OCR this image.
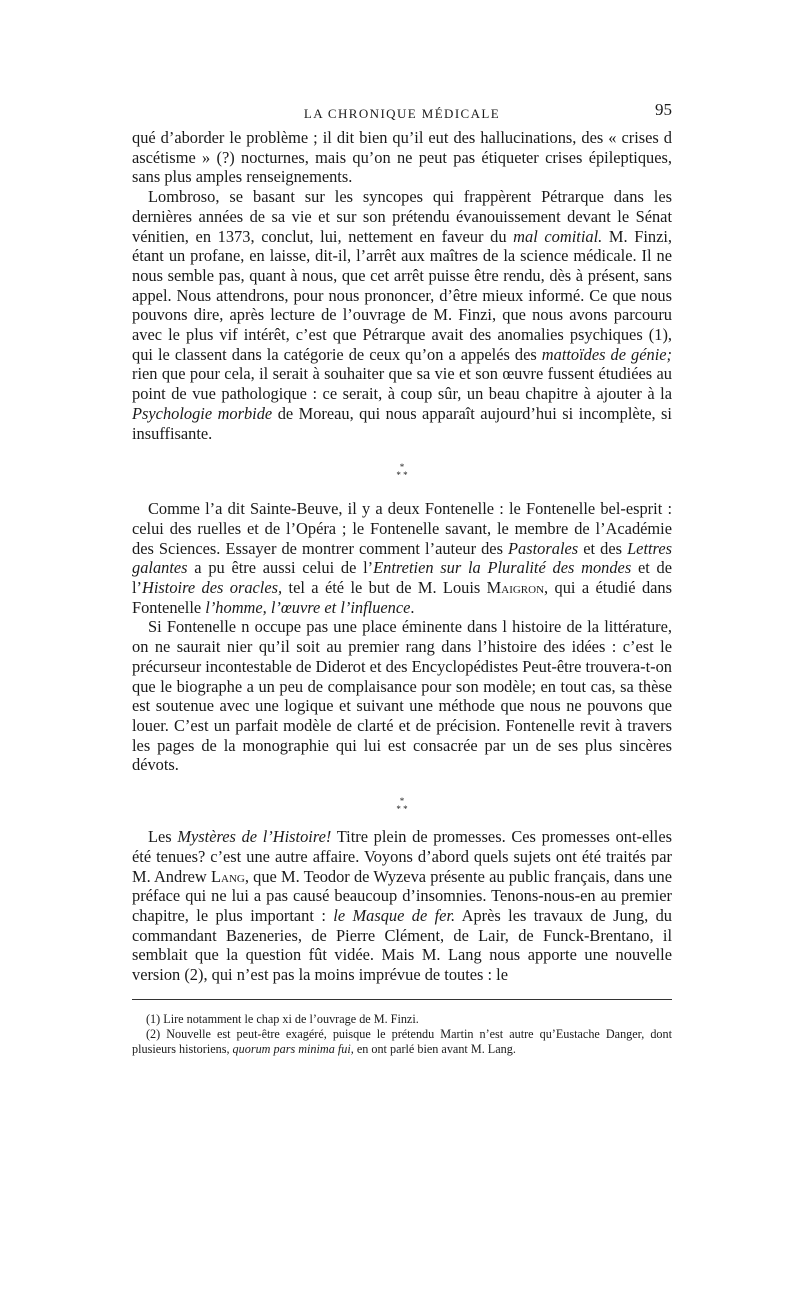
LA CHRONIQUE MÉDICALE	95

qué d’aborder le problème ; il dit bien qu’il eut des hallucinations, des « crises d ascétisme » (?) nocturnes, mais qu’on ne peut pas étiqueter crises épileptiques, sans plus amples renseignements.

Lombroso, se basant sur les syncopes qui frappèrent Pétrarque dans les dernières années de sa vie et sur son prétendu évanouissement devant le Sénat vénitien, en 1373, conclut, lui, nettement en faveur du mal comitial. M. Finzi, étant un profane, en laisse, dit-il, l’arrêt aux maîtres de la science médicale. Il ne nous semble pas, quant à nous, que cet arrêt puisse être rendu, dès à présent, sans appel. Nous attendrons, pour nous prononcer, d’être mieux informé. Ce que nous pouvons dire, après lecture de l’ouvrage de M. Finzi, que nous avons parcouru avec le plus vif intérêt, c’est que Pétrarque avait des anomalies psychiques (1), qui le classent dans la catégorie de ceux qu’on a appelés des mattoïdes de génie; rien que pour cela, il serait à souhaiter que sa vie et son œuvre fussent étudiées au point de vue pathologique : ce serait, à coup sûr, un beau chapitre à ajouter à la Psychologie morbide de Moreau, qui nous apparaît aujourd’hui si incomplète, si insuffisante.

*
* *

Comme l’a dit Sainte-Beuve, il y a deux Fontenelle : le Fontenelle bel-esprit : celui des ruelles et de l’Opéra ; le Fontenelle savant, le membre de l’Académie des Sciences. Essayer de montrer comment l’auteur des Pastorales et des Lettres galantes a pu être aussi celui de l’Entretien sur la Pluralité des mondes et de l’Histoire des oracles, tel a été le but de M. Louis Maigron, qui a étudié dans Fontenelle l’homme, l’œuvre et l’influence.

Si Fontenelle n occupe pas une place éminente dans l histoire de la littérature, on ne saurait nier qu’il soit au premier rang dans l’histoire des idées : c’est le précurseur incontestable de Diderot et des Encyclopédistes Peut-être trouvera-t-on que le biographe a un peu de complaisance pour son modèle; en tout cas, sa thèse est soutenue avec une logique et suivant une méthode que nous ne pouvons que louer. C’est un parfait modèle de clarté et de précision. Fontenelle revit à travers les pages de la monographie qui lui est consacrée par un de ses plus sincères dévots.

*
* *

Les Mystères de l’Histoire! Titre plein de promesses. Ces promesses ont-elles été tenues? c’est une autre affaire. Voyons d’abord quels sujets ont été traités par M. Andrew Lang, que M. Teodor de Wyzeva présente au public français, dans une préface qui ne lui a pas causé beaucoup d’insomnies. Tenons-nous-en au premier chapitre, le plus important : le Masque de fer. Après les travaux de Jung, du commandant Bazeneries, de Pierre Clément, de Lair, de Funck-Brentano, il semblait que la question fût vidée. Mais M. Lang nous apporte une nouvelle version (2), qui n’est pas la moins imprévue de toutes : le

(1) Lire notamment le chap xi de l’ouvrage de M. Finzi.

(2) Nouvelle est peut-être exagéré, puisque le prétendu Martin n’est autre qu’Eustache Danger, dont plusieurs historiens, quorum pars minima fui, en ont parlé bien avant M. Lang.
